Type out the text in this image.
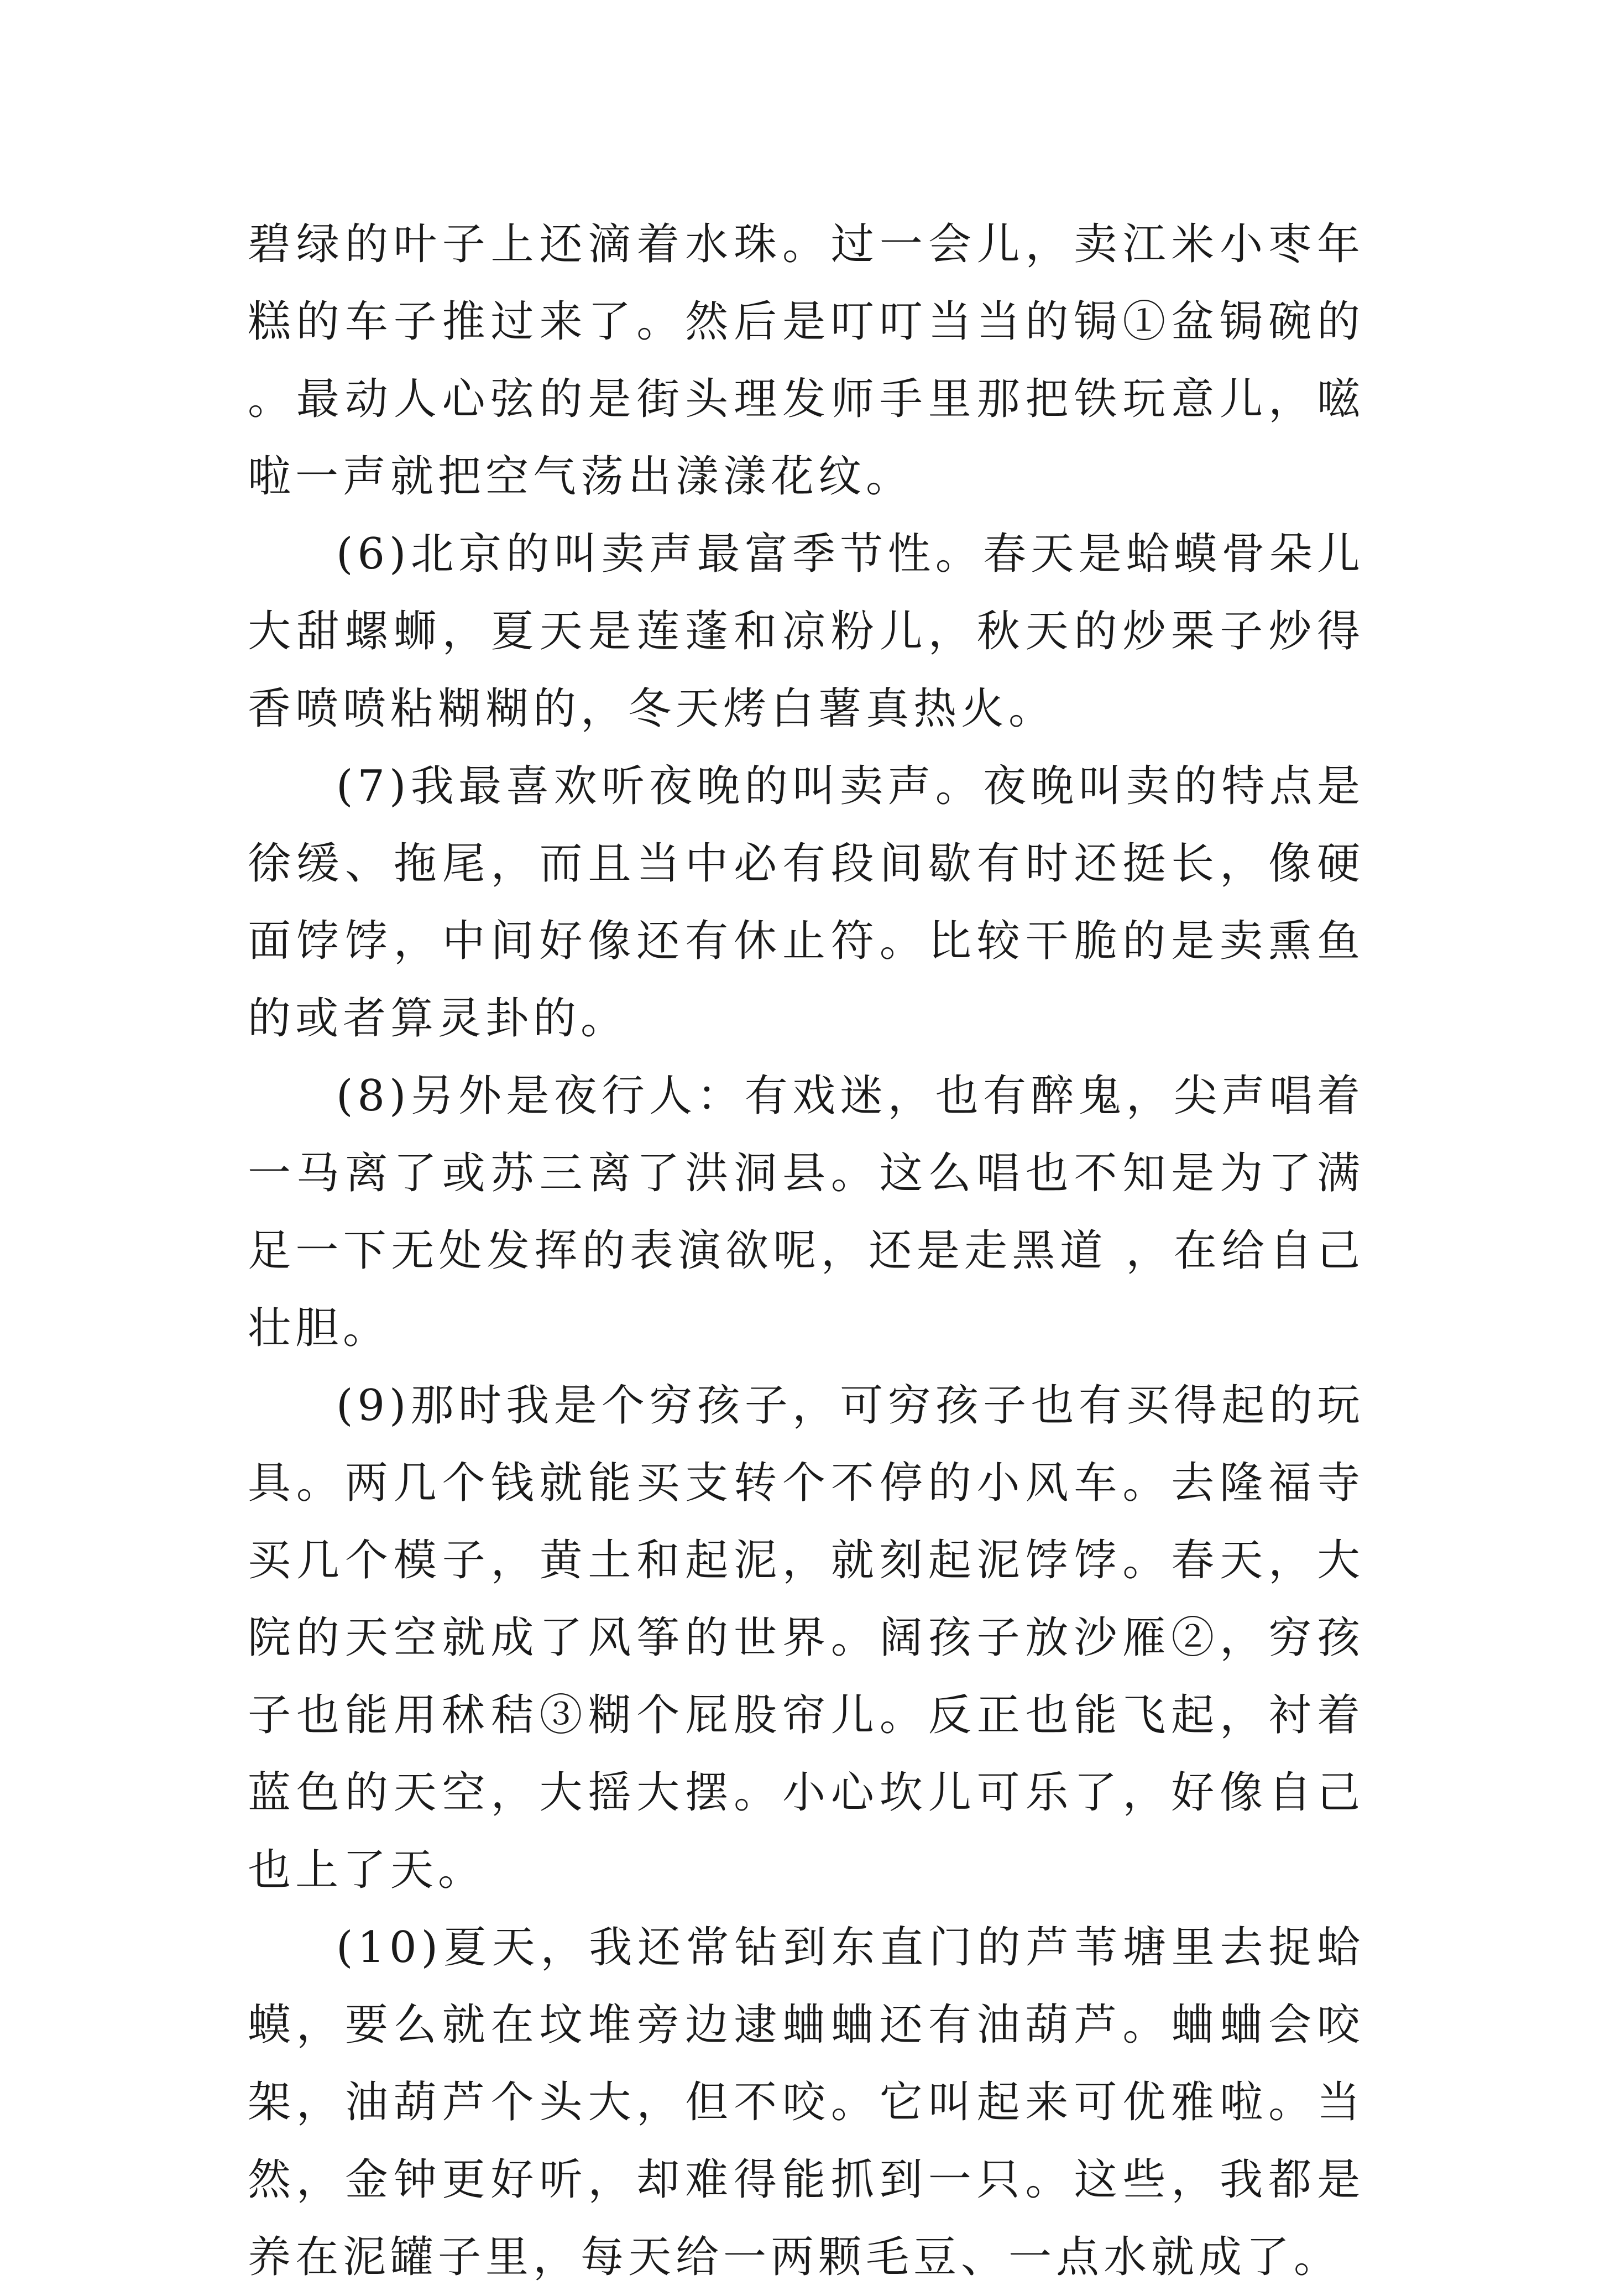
碧绿的叶子上还滴着水珠。过一会儿，卖江米小枣年糕的车子推过来了。然后是叮叮当当的锔①盆锔碗的。最动人心弦的是街头理发师手里那把铁玩意儿，嗞啦一声就把空气荡出漾漾花纹。

(6)北京的叫卖声最富季节性。春天是蛤蟆骨朵儿大甜螺蛳，夏天是莲蓬和凉粉儿，秋天的炒栗子炒得香喷喷粘糊糊的，冬天烤白薯真热火。

(7)我最喜欢听夜晚的叫卖声。夜晚叫卖的特点是徐缓、拖尾，而且当中必有段间歇有时还挺长，像硬面饽饽，中间好像还有休止符。比较干脆的是卖熏鱼的或者算灵卦的。

(8)另外是夜行人：有戏迷，也有醉鬼，尖声唱着一马离了或苏三离了洪洞县。这么唱也不知是为了满足一下无处发挥的表演欲呢，还是走黑道 ，在给自己壮胆。

(9)那时我是个穷孩子，可穷孩子也有买得起的玩具。两几个钱就能买支转个不停的小风车。去隆福寺买几个模子，黄土和起泥，就刻起泥饽饽。春天，大院的天空就成了风筝的世界。阔孩子放沙雁②，穷孩子也能用秫秸③糊个屁股帘儿。反正也能飞起，衬着蓝色的天空，大摇大摆。小心坎儿可乐了，好像自己也上了天。

(10)夏天，我还常钻到东直门的芦苇塘里去捉蛤蟆，要么就在坟堆旁边逮蛐蛐还有油葫芦。蛐蛐会咬架，油葫芦个头大，但不咬。它叫起来可优雅啦。当然，金钟更好听，却难得能抓到一只。这些，我都是养在泥罐子里，每天给一两颗毛豆、一点水就成了。
